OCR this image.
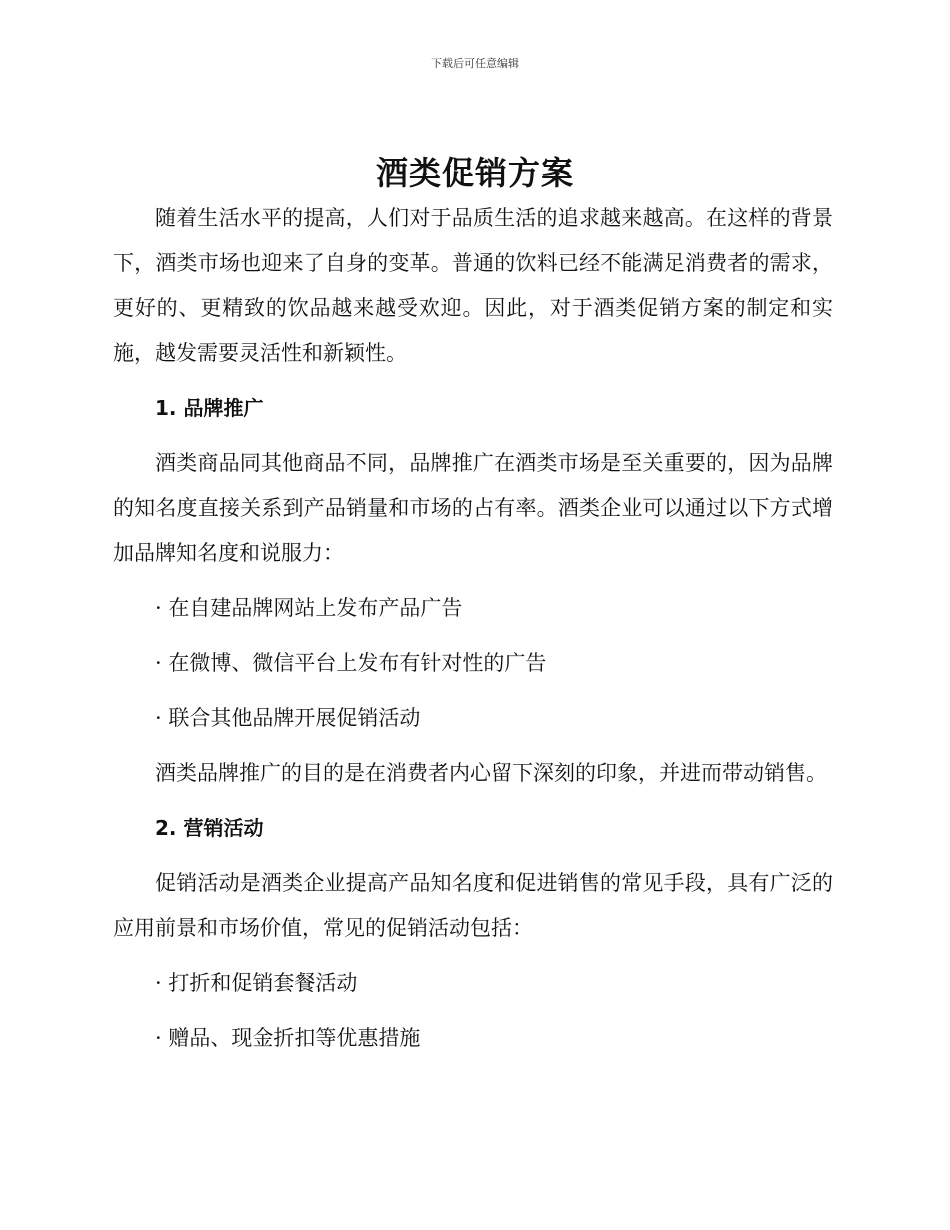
下载后可任意编辑
酒类促销方案

随着生活水平的提高，人们对于品质生活的追求越来越高。在这样的背景下，酒类市场也迎来了自身的变革。普通的饮料已经不能满足消费者的需求，更好的、更精致的饮品越来越受欢迎。因此，对于酒类促销方案的制定和实施，越发需要灵活性和新颖性。

1. 品牌推广

酒类商品同其他商品不同，品牌推广在酒类市场是至关重要的，因为品牌的知名度直接关系到产品销量和市场的占有率。酒类企业可以通过以下方式增加品牌知名度和说服力：

· 在自建品牌网站上发布产品广告

· 在微博、微信平台上发布有针对性的广告

· 联合其他品牌开展促销活动

酒类品牌推广的目的是在消费者内心留下深刻的印象，并进而带动销售。

2. 营销活动

促销活动是酒类企业提高产品知名度和促进销售的常见手段，具有广泛的应用前景和市场价值，常见的促销活动包括：

· 打折和促销套餐活动

· 赠品、现金折扣等优惠措施
